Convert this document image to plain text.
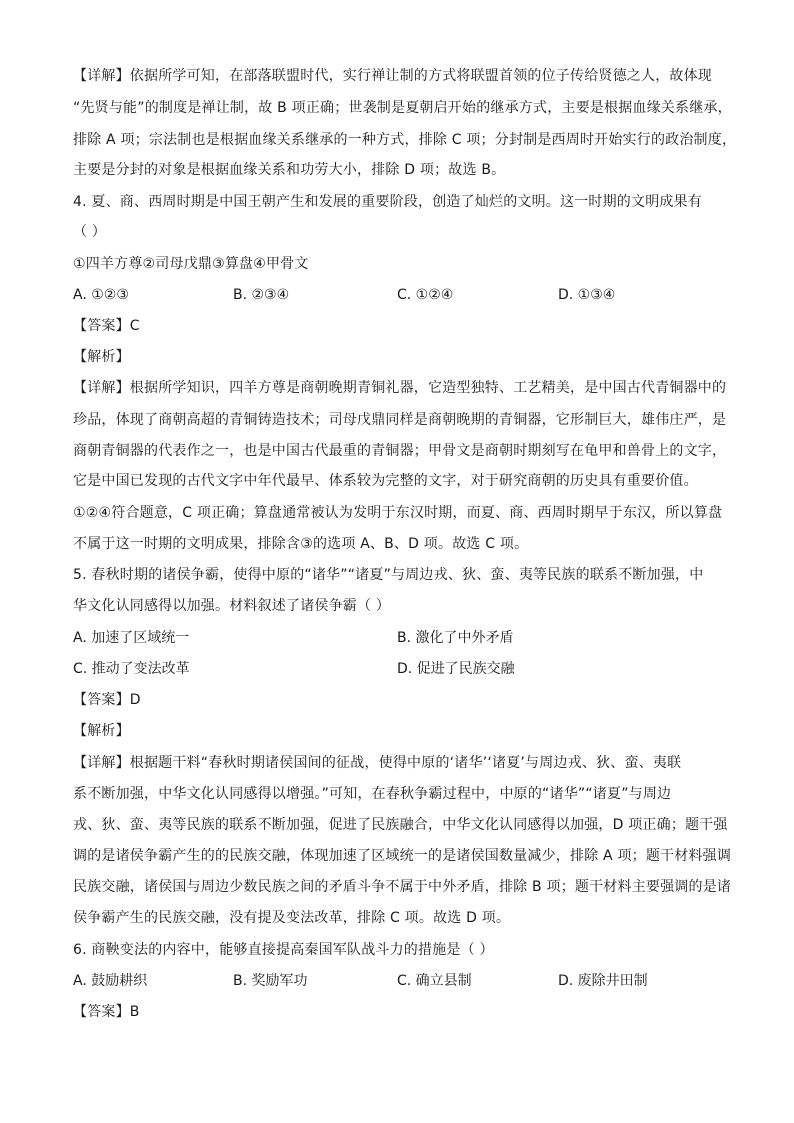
【详解】依据所学可知，在部落联盟时代，实行禅让制的方式将联盟首领的位子传给贤德之人，故体现
“先贤与能”的制度是禅让制，故 B 项正确；世袭制是夏朝启开始的继承方式，主要是根据血缘关系继承，
排除 A 项；宗法制也是根据血缘关系继承的一种方式，排除 C 项；分封制是西周时开始实行的政治制度，
主要是分封的对象是根据血缘关系和功劳大小，排除 D 项；故选 B。
4. 夏、商、西周时期是中国王朝产生和发展的重要阶段，创造了灿烂的文明。这一时期的文明成果有
（ ）
①四羊方尊②司母戊鼎③算盘④甲骨文
A. ①②③	B. ②③④	C. ①②④	D. ①③④
【答案】C
【解析】
【详解】根据所学知识，四羊方尊是商朝晚期青铜礼器，它造型独特、工艺精美，是中国古代青铜器中的
珍品，体现了商朝高超的青铜铸造技术；司母戊鼎同样是商朝晚期的青铜器，它形制巨大，雄伟庄严，是
商朝青铜器的代表作之一，也是中国古代最重的青铜器；甲骨文是商朝时期刻写在龟甲和兽骨上的文字，
它是中国已发现的古代文字中年代最早、体系较为完整的文字，对于研究商朝的历史具有重要价值。
①②④符合题意，C 项正确；算盘通常被认为发明于东汉时期，而夏、商、西周时期早于东汉，所以算盘
不属于这一时期的文明成果，排除含③的选项 A、B、D 项。故选 C 项。
5. 春秋时期的诸侯争霸，使得中原的“诸华”“诸夏”与周边戎、狄、蛮、夷等民族的联系不断加强，中
华文化认同感得以加强。材料叙述了诸侯争霸（ ）
A. 加速了区域统一	B. 激化了中外矛盾
C. 推动了变法改革	D. 促进了民族交融
【答案】D
【解析】
【详解】根据题干料“春秋时期诸侯国间的征战，使得中原的‘诸华’‘诸夏’与周边戎、狄、蛮、夷联
系不断加强，中华文化认同感得以增强。”可知，在春秋争霸过程中，中原的“诸华”“诸夏”与周边
戎、狄、蛮、夷等民族的联系不断加强，促进了民族融合，中华文化认同感得以加强，D 项正确；题干强
调的是诸侯争霸产生的的民族交融，体现加速了区域统一的是诸侯国数量减少，排除 A 项；题干材料强调
民族交融，诸侯国与周边少数民族之间的矛盾斗争不属于中外矛盾，排除 B 项；题干材料主要强调的是诸
侯争霸产生的民族交融，没有提及变法改革，排除 C 项。故选 D 项。
6. 商鞅变法的内容中，能够直接提高秦国军队战斗力的措施是（ ）
A. 鼓励耕织	B. 奖励军功	C. 确立县制	D. 废除井田制
【答案】B
